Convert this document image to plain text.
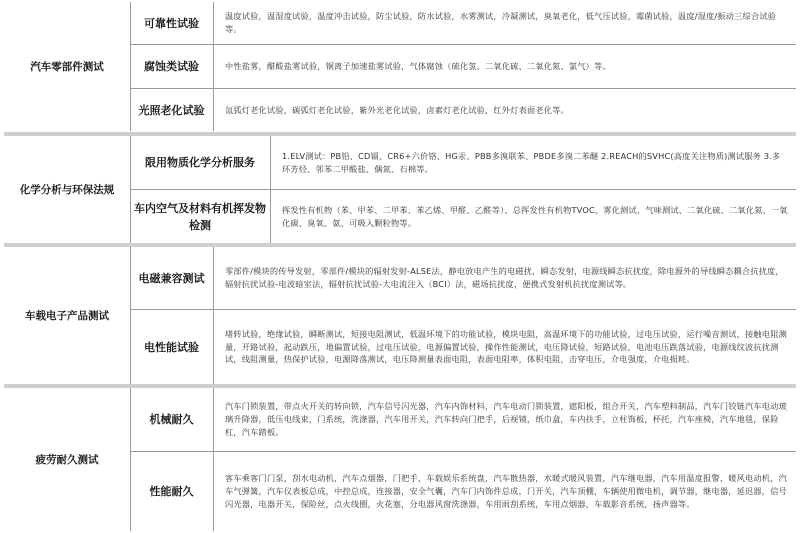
汽车零部件测试
可靠性试验
温度试验，温湿度试验，温度冲击试验，防尘试验，防水试验，水雾测试，冷凝测试，臭氧老化，低气压试验，霉菌试验，温度/湿度/振动三综合试验等。
腐蚀类试验	中性盐雾，醋酸盐雾试验，铜离子加速盐雾试验，气体腐蚀（硫化氢、二氧化硫、二氧化氮、氯气）等。
光照老化试验	氙弧灯老化试验，碳弧灯老化试验，紫外光老化试验，卤素灯老化试验，红外灯表面老化等。
化学分析与环保法规
限用物质化学分析服务
1.ELV测试：PB铅、CD镉、CR6+六价铬、HG汞、PBB多溴联苯、PBDE多溴二苯醚 2.REACH的SVHC(高度关注物质)测试服务 3.多环芳烃、邻苯二甲酸盐、偶氮、石棉等。
车内空气及材料有机挥发物检测
挥发性有机物（苯、甲苯、二甲苯、苯乙烯、甲醛、乙醛等）、总挥发性有机物TVOC、雾化测试、气味测试、二氧化硫、二氧化氮、一氧化碳、臭氧、氨、可吸入颗粒物等。
车载电子产品测试
电磁兼容测试
零部件/模块的传导发射，零部件/模块的辐射发射-ALSE法，静电放电产生的电磁扰，瞬态发射，电源线瞬态抗扰度，除电源外的导线瞬态耦合抗扰度，辐射抗扰试验-电波暗室法，辐射抗扰试验-大电流注入（BCI）法，磁场抗扰度，便携式发射机抗扰度测试等。
电性能试验
堵转试验，绝缘试验，瞬断测试，短接电阻测试，低温环境下的功能试验，模块电阻，高温环境下的功能试验，过电压试验，运行噪音测试，接触电阻测量，开路试验，起动跌压，地偏置试验，过电压试验，电源偏置试验，操作性能测试，电压降试验，短路试验，电池电压跌落试验，电源线纹波抗扰测试，线阻测量，热保护试验，电源降落测试，电压降测量表面电阻，表面电阻率，体积电阻，击穿电压，介电强度，介电损耗。
疲劳耐久测试
机械耐久
汽车门锁装置，带点火开关的转向锁，汽车信号闪光器，汽车内饰材料，汽车电动门锁装置，遮阳板，组合开关，汽车塑料制品，汽车门铰链汽车电动玻璃升降器，低压电线束，门系统，洗涤器，汽车用开关，汽车转向门把手，后视镜，纸巾盒，车内扶手，立柱饰板，杯托，汽车座椅，汽车地毯，保险杠，汽车踏板。
性能耐久
客车乘客门门泵，刮水电动机，汽车点烟器，门把手，车载娱乐系统盘，汽车散热器，水暖式暖风装置，汽车继电器，汽车用温度报警，暖风电动机，汽车气弹簧，汽车仪表板总成，中控总成，连接器，安全气囊，汽车门内饰件总成，门开关，汽车顶棚，车辆使用微电机，调节器，继电器，延迟器，信号闪光器，电器开关，保险丝，点火线圈，火花塞，分电器风窗洗涤器，车用雨刮系统，车用点烟器，车载影音系统，扬声器等。
